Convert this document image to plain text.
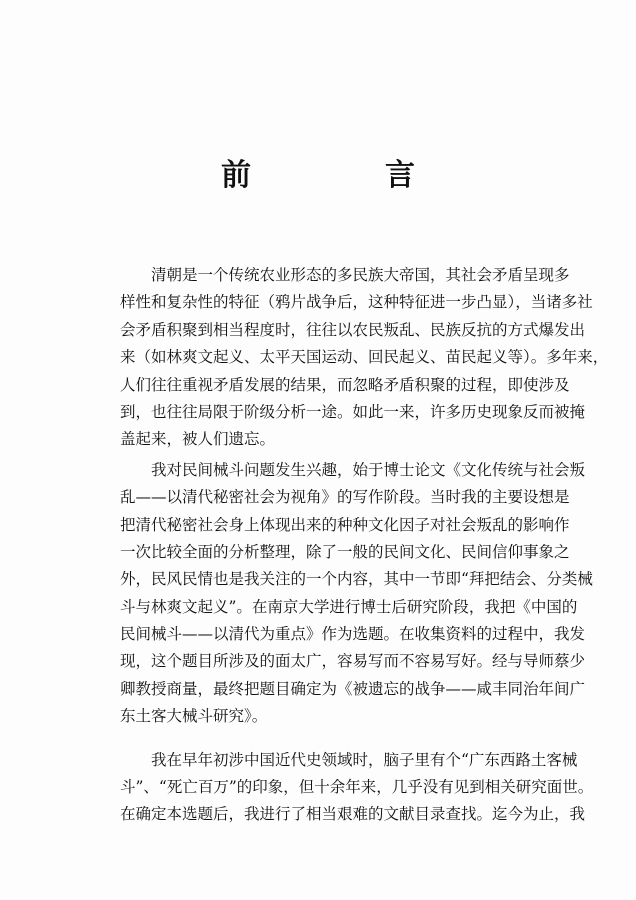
前　言
清朝是一个传统农业形态的多民族大帝国，其社会矛盾呈现多
样性和复杂性的特征（鸦片战争后，这种特征进一步凸显），当诸多社
会矛盾积聚到相当程度时，往往以农民叛乱、民族反抗的方式爆发出
来（如林爽文起义、太平天国运动、回民起义、苗民起义等）。多年来，
人们往往重视矛盾发展的结果，而忽略矛盾积聚的过程，即使涉及
到，也往往局限于阶级分析一途。如此一来，许多历史现象反而被掩
盖起来，被人们遗忘。
我对民间械斗问题发生兴趣，始于博士论文《文化传统与社会叛
乱——以清代秘密社会为视角》的写作阶段。当时我的主要设想是
把清代秘密社会身上体现出来的种种文化因子对社会叛乱的影响作
一次比较全面的分析整理，除了一般的民间文化、民间信仰事象之
外，民风民情也是我关注的一个内容，其中一节即“拜把结会、分类械
斗与林爽文起义”。在南京大学进行博士后研究阶段，我把《中国的
民间械斗——以清代为重点》作为选题。在收集资料的过程中，我发
现，这个题目所涉及的面太广，容易写而不容易写好。经与导师蔡少
卿教授商量，最终把题目确定为《被遗忘的战争——咸丰同治年间广
东土客大械斗研究》。
我在早年初涉中国近代史领域时，脑子里有个“广东西路土客械
斗”、“死亡百万”的印象，但十余年来，几乎没有见到相关研究面世。
在确定本选题后，我进行了相当艰难的文献目录查找。迄今为止，我
